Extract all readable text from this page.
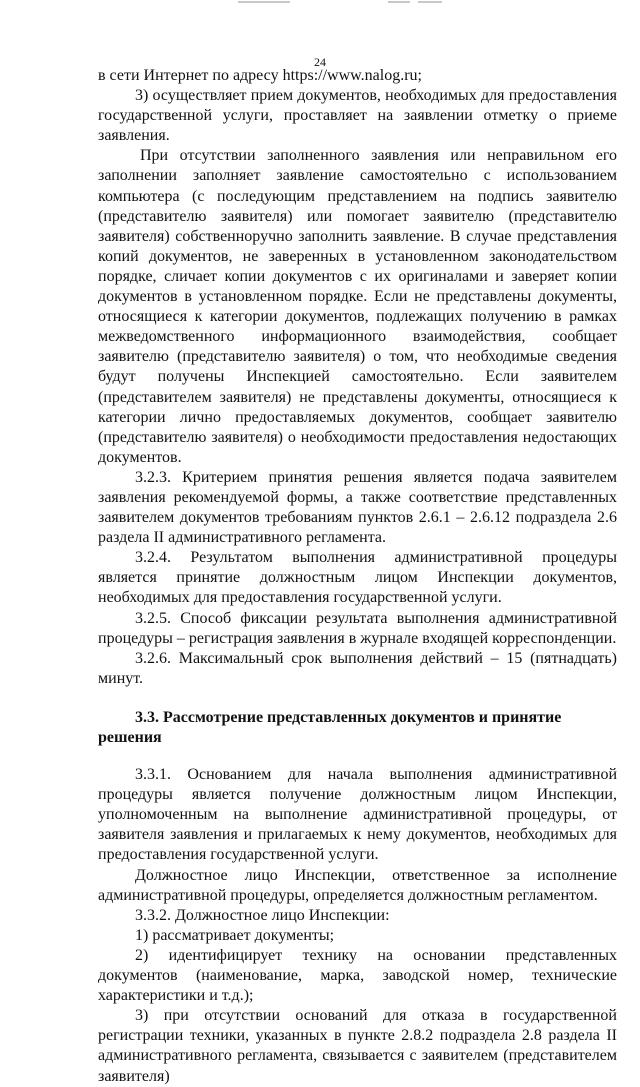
24

в сети Интернет по адресу https://www.nalog.ru;

3) осуществляет прием документов, необходимых для предоставления государственной услуги, проставляет на заявлении отметку о приеме заявления.

При отсутствии заполненного заявления или неправильном его заполнении заполняет заявление самостоятельно с использованием компьютера (с последующим представлением на подпись заявителю (представителю заявителя) или помогает заявителю (представителю заявителя) собственноручно заполнить заявление. В случае представления копий документов, не заверенных в установленном законодательством порядке, сличает копии документов с их оригиналами и заверяет копии документов в установленном порядке. Если не представлены документы, относящиеся к категории документов, подлежащих получению в рамках межведомственного информационного взаимодействия, сообщает заявителю (представителю заявителя) о том, что необходимые сведения будут получены Инспекцией самостоятельно. Если заявителем (представителем заявителя) не представлены документы, относящиеся к категории лично предоставляемых документов, сообщает заявителю (представителю заявителя) о необходимости предоставления недостающих документов.

3.2.3. Критерием принятия решения является подача заявителем заявления рекомендуемой формы, а также соответствие представленных заявителем документов требованиям пунктов 2.6.1 – 2.6.12 подраздела 2.6 раздела II административного регламента.

3.2.4. Результатом выполнения административной процедуры является принятие должностным лицом Инспекции документов, необходимых для предоставления государственной услуги.

3.2.5. Способ фиксации результата выполнения административной процедуры – регистрация заявления в журнале входящей корреспонденции.

3.2.6. Максимальный срок выполнения действий – 15 (пятнадцать) минут.

3.3. Рассмотрение представленных документов и принятие решения

3.3.1. Основанием для начала выполнения административной процедуры является получение должностным лицом Инспекции, уполномоченным на выполнение административной процедуры, от заявителя заявления и прилагаемых к нему документов, необходимых для предоставления государственной услуги.

Должностное лицо Инспекции, ответственное за исполнение административной процедуры, определяется должностным регламентом.

3.3.2. Должностное лицо Инспекции:

1) рассматривает документы;

2) идентифицирует технику на основании представленных документов (наименование, марка, заводской номер, технические характеристики и т.д.);

3) при отсутствии оснований для отказа в государственной регистрации техники, указанных в пункте 2.8.2 подраздела 2.8 раздела II административного регламента, связывается с заявителем (представителем заявителя)
